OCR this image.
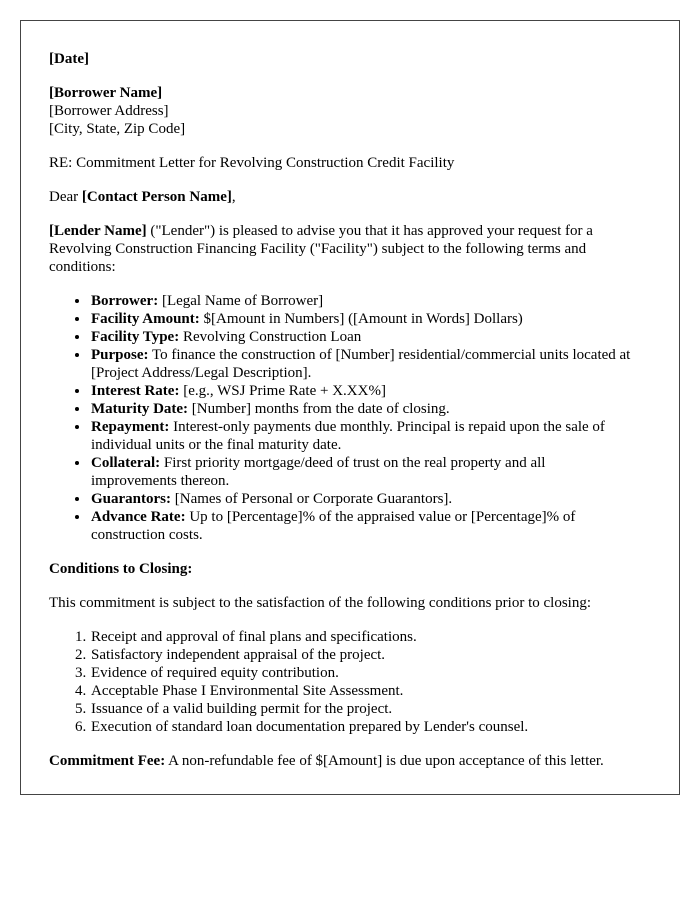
[Date]

[Borrower Name]

[Borrower Address]

[City, State, Zip Code]

RE: Commitment Letter for Revolving Construction Credit Facility

Dear [Contact Person Name],

[Lender Name] ("Lender") is pleased to advise you that it has approved your request for a Revolving Construction Financing Facility ("Facility") subject to the following terms and conditions:

• Borrower: [Legal Name of Borrower]
• Facility Amount: $[Amount in Numbers] ([Amount in Words] Dollars)
• Facility Type: Revolving Construction Loan
• Purpose: To finance the construction of [Number] residential/commercial units located at [Project Address/Legal Description].
• Interest Rate: [e.g., WSJ Prime Rate + X.XX%]
• Maturity Date: [Number] months from the date of closing.
• Repayment: Interest-only payments due monthly. Principal is repaid upon the sale of individual units or the final maturity date.
• Collateral: First priority mortgage/deed of trust on the real property and all improvements thereon.
• Guarantors: [Names of Personal or Corporate Guarantors].
• Advance Rate: Up to [Percentage]% of the appraised value or [Percentage]% of construction costs.

Conditions to Closing:

This commitment is subject to the satisfaction of the following conditions prior to closing:

1. Receipt and approval of final plans and specifications.
2. Satisfactory independent appraisal of the project.
3. Evidence of required equity contribution.
4. Acceptable Phase I Environmental Site Assessment.
5. Issuance of a valid building permit for the project.
6. Execution of standard loan documentation prepared by Lender's counsel.

Commitment Fee: A non-refundable fee of $[Amount] is due upon acceptance of this letter.
